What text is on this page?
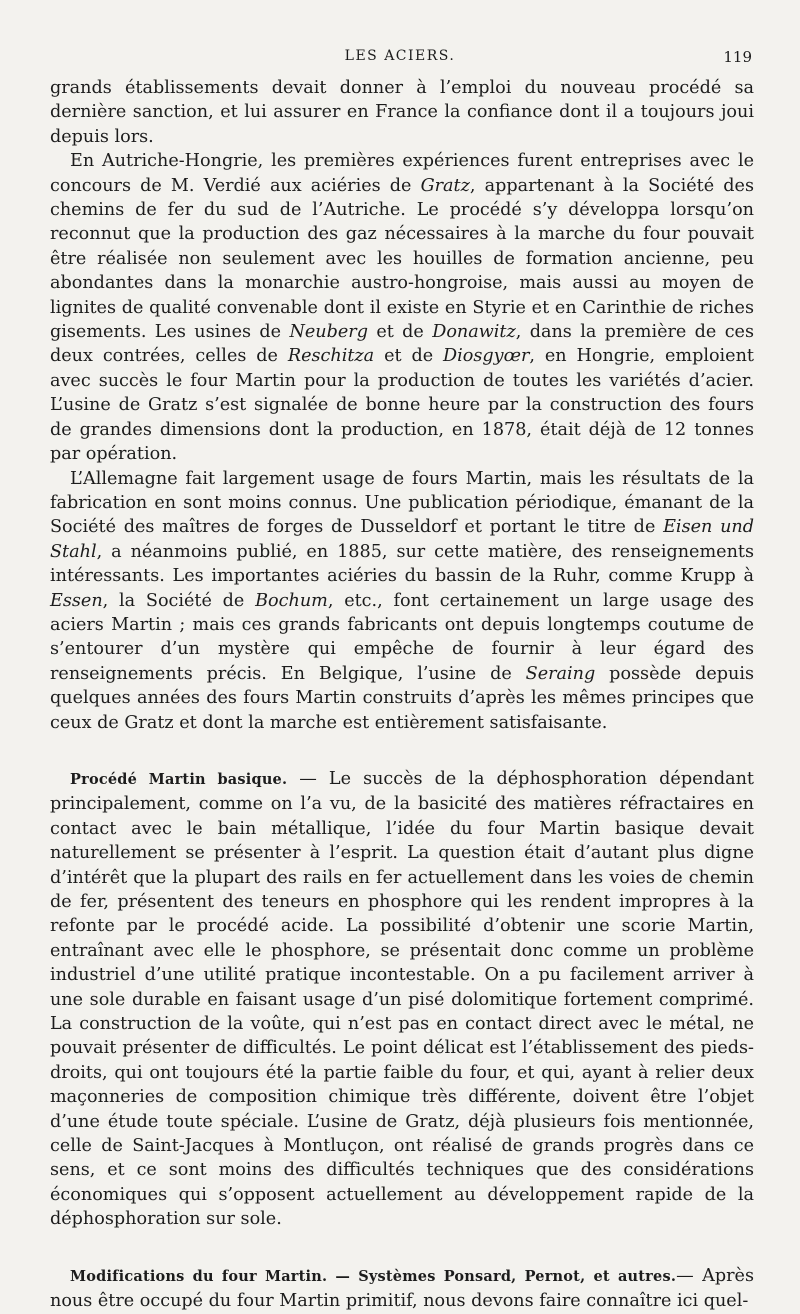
LES ACIERS.	119

grands établissements devait donner à l’emploi du nouveau procédé sa dernière sanction, et lui assurer en France la confiance dont il a toujours joui depuis lors.

En Autriche-Hongrie, les premières expériences furent entreprises avec le concours de M. Verdié aux aciéries de Gratz, appartenant à la Société des chemins de fer du sud de l’Autriche. Le procédé s’y développa lorsqu’on reconnut que la production des gaz nécessaires à la marche du four pouvait être réalisée non seulement avec les houilles de formation ancienne, peu abondantes dans la monarchie austro-hongroise, mais aussi au moyen de lignites de qualité convenable dont il existe en Styrie et en Carinthie de riches gisements. Les usines de Neuberg et de Donawitz, dans la première de ces deux contrées, celles de Reschitza et de Diosgyœr, en Hongrie, emploient avec succès le four Martin pour la production de toutes les variétés d’acier. L’usine de Gratz s’est signalée de bonne heure par la construction des fours de grandes dimensions dont la production, en 1878, était déjà de 12 tonnes par opération.

L’Allemagne fait largement usage de fours Martin, mais les résultats de la fabrication en sont moins connus. Une publication périodique, émanant de la Société des maîtres de forges de Dusseldorf et portant le titre de Eisen und Stahl, a néanmoins publié, en 1885, sur cette matière, des renseignements intéressants. Les importantes aciéries du bassin de la Ruhr, comme Krupp à Essen, la Société de Bochum, etc., font certainement un large usage des aciers Martin ; mais ces grands fabricants ont depuis longtemps coutume de s’entourer d’un mystère qui empêche de fournir à leur égard des renseignements précis. En Belgique, l’usine de Seraing possède depuis quelques années des fours Martin construits d’après les mêmes principes que ceux de Gratz et dont la marche est entièrement satisfaisante.

Procédé Martin basique. — Le succès de la déphosphoration dépendant principalement, comme on l’a vu, de la basicité des matières réfractaires en contact avec le bain métallique, l’idée du four Martin basique devait naturellement se présenter à l’esprit. La question était d’autant plus digne d’intérêt que la plupart des rails en fer actuellement dans les voies de chemin de fer, présentent des teneurs en phosphore qui les rendent impropres à la refonte par le procédé acide. La possibilité d’obtenir une scorie Martin, entraînant avec elle le phosphore, se présentait donc comme un problème industriel d’une utilité pratique incontestable. On a pu facilement arriver à une sole durable en faisant usage d’un pisé dolomitique fortement comprimé. La construction de la voûte, qui n’est pas en contact direct avec le métal, ne pouvait présenter de difficultés. Le point délicat est l’établissement des pieds-droits, qui ont toujours été la partie faible du four, et qui, ayant à relier deux maçonneries de composition chimique très différente, doivent être l’objet d’une étude toute spéciale. L’usine de Gratz, déjà plusieurs fois mentionnée, celle de Saint-Jacques à Montluçon, ont réalisé de grands progrès dans ce sens, et ce sont moins des difficultés techniques que des considérations économiques qui s’opposent actuellement au développement rapide de la déphosphoration sur sole.

Modifications du four Martin. — Systèmes Ponsard, Pernot, et autres.— Après nous être occupé du four Martin primitif, nous devons faire connaître ici quel-
